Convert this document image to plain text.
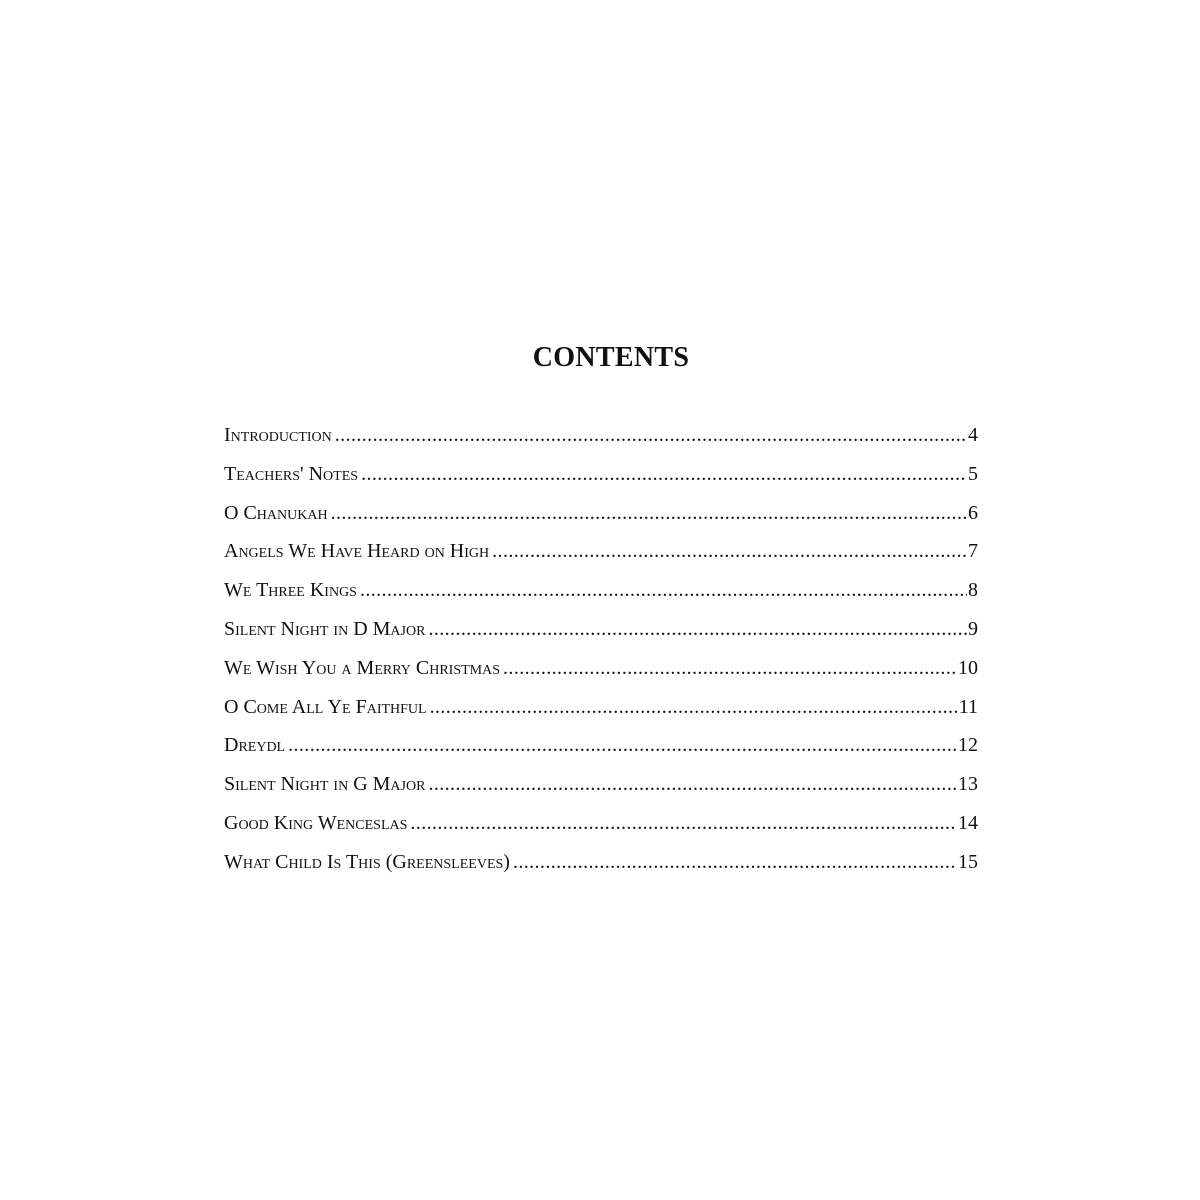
CONTENTS
Introduction .....	4
Teachers' Notes .....	5
O Chanukah .....	6
Angels We Have Heard on High .....	7
We Three Kings .....	8
Silent Night in D Major .....	9
We Wish You a Merry Christmas .....	10
O Come All Ye Faithful .....	11
Dreydl .....	12
Silent Night in G Major .....	13
Good King Wenceslas .....	14
What Child Is This (Greensleeves) .....	15
